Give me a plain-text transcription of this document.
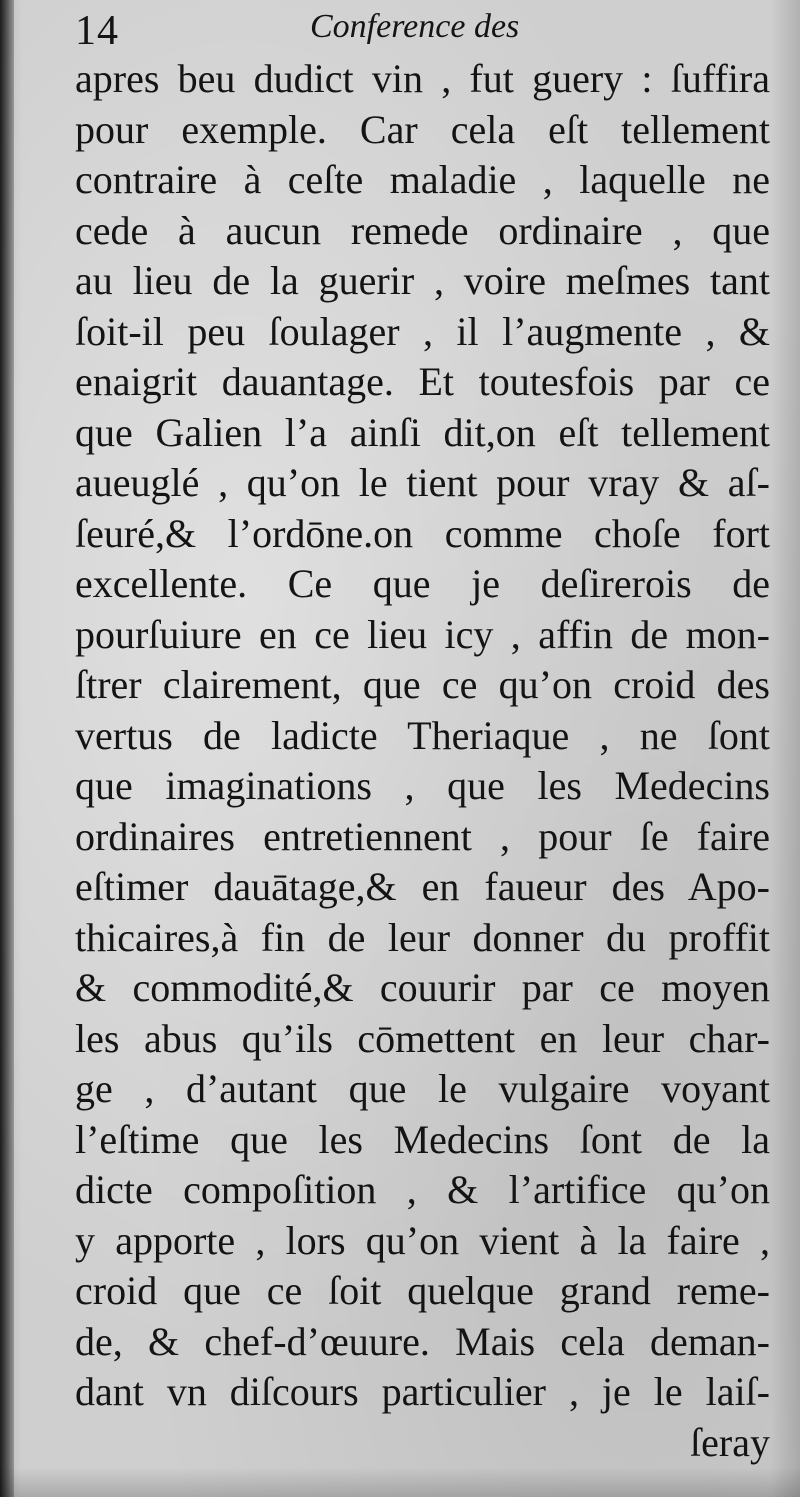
14	Conference des
apres beu dudict vin , fut guery : ſuffira
pour exemple. Car cela eſt tellement
contraire à ceſte maladie , laquelle ne
cede à aucun remede ordinaire , que
au lieu de la guerir , voire meſmes tant
ſoit-il peu ſoulager , il l’augmente , &
enaigrit dauantage. Et toutesfois par ce
que Galien l’a ainſi dit,on eſt tellement
aueuglé , qu’on le tient pour vray & aſ-
ſeuré,& l’ordōne.on comme choſe fort
excellente. Ce que je deſirerois de
pourſuiure en ce lieu icy , affin de mon-
ſtrer clairement, que ce qu’on croid des
vertus de ladicte Theriaque , ne ſont
que imaginations , que les Medecins
ordinaires entretiennent , pour ſe faire
eſtimer dauātage,& en faueur des Apo-
thicaires,à fin de leur donner du proffit
& commodité,& couurir par ce moyen
les abus qu’ils cōmettent en leur char-
ge , d’autant que le vulgaire voyant
l’eſtime que les Medecins ſont de la
dicte compoſition , & l’artifice qu’on
y apporte , lors qu’on vient à la faire ,
croid que ce ſoit quelque grand reme-
de, & chef-d’œuure. Mais cela deman-
dant vn diſcours particulier , je le laiſ-
ſeray
